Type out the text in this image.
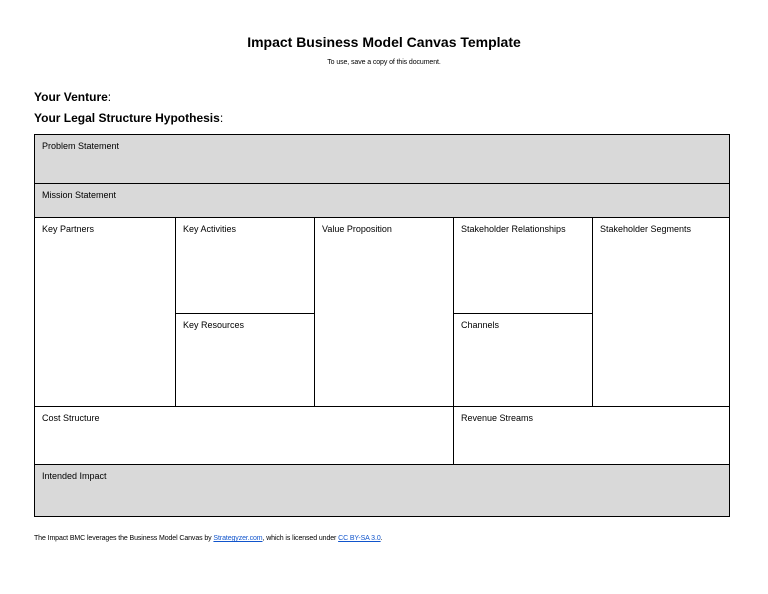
Impact Business Model Canvas Template
To use, save a copy of this document.
Your Venture:
Your Legal Structure Hypothesis:
Problem Statement
Mission Statement
Key Partners	Key Activities
Key Resources
Value Proposition	Stakeholder Relationships
Channels
Stakeholder Segments
Cost Structure	Revenue Streams
Intended Impact
The Impact BMC leverages the Business Model Canvas by Strategyzer.com, which is licensed under CC BY-SA 3.0.
